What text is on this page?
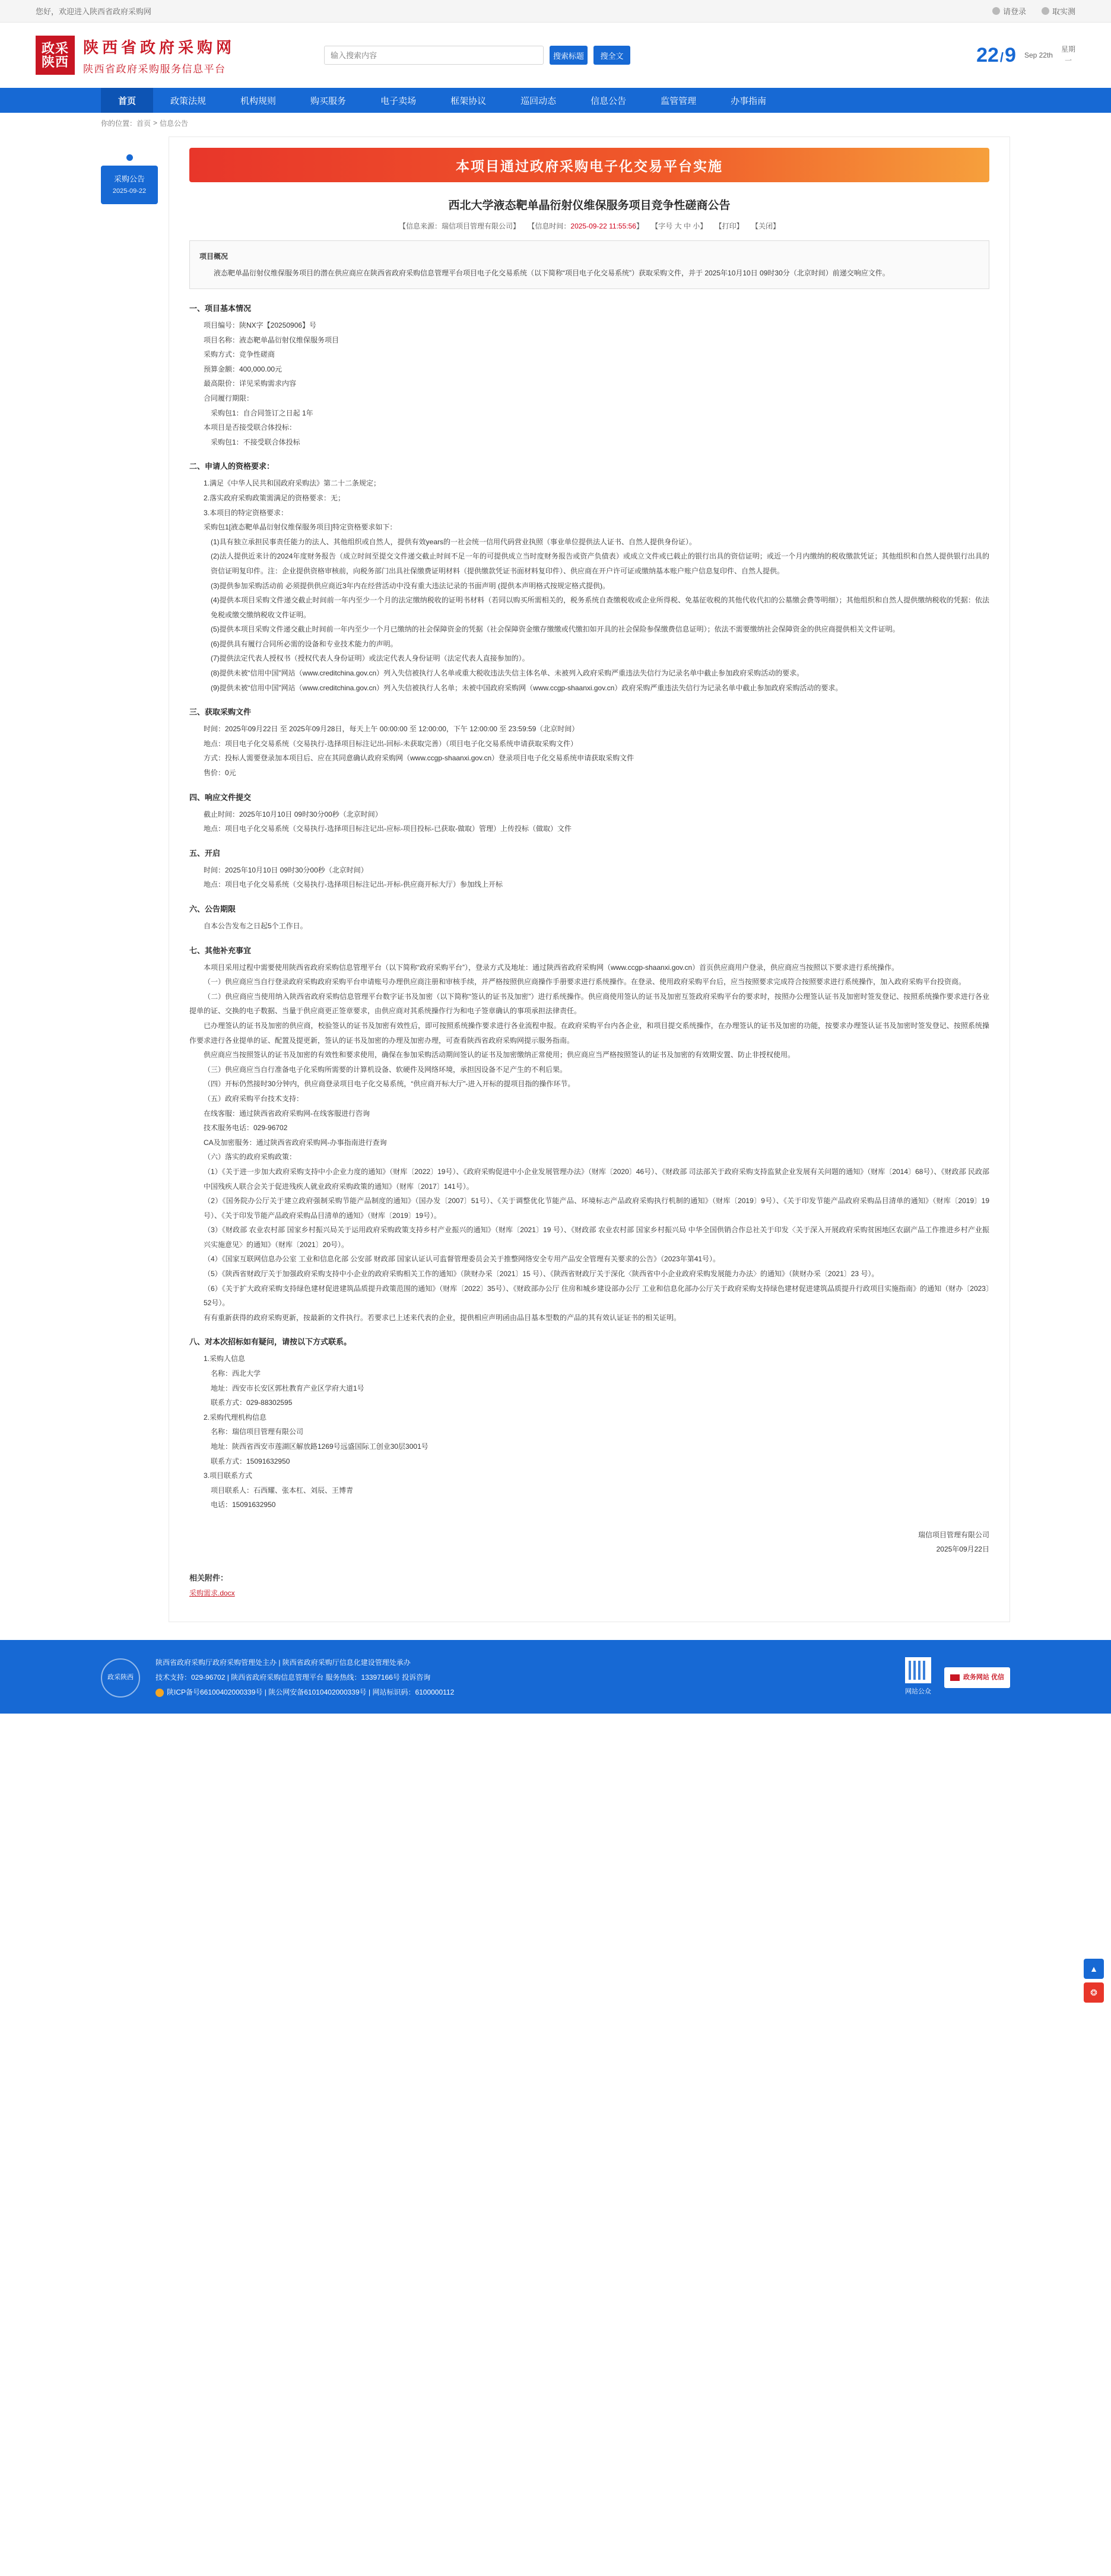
您好，欢迎进入陕西省政府采购网	请登录	取实测
政采陕西
陕西省政府采购网
陕西省政府采购服务信息平台
输入搜索内容
搜索标题	搜全文	22 / 9 Sep 22th
星期
一
首页	政策法规	机构规则	购买服务	电子卖场	框架协议	巡回动态	信息公告	监管管理	办事指南
你的位置： 首页 > 信息公告
采购公告
2025-09-22
本项目通过政府采购电子化交易平台实施
西北大学液态靶单晶衍射仪维保服务项目竞争性磋商公告
【信息来源：瑞信项目管理有限公司】 【信息时间：2025-09-22 11:55:56】 【字号 大 中 小】 【打印】 【关闭】
项目概况
液态靶单晶衍射仪维保服务项目的潜在供应商应在陕西省政府采购信息管理平台项目电子化交易系统（以下简称“项目电子化交易系统”）获取采购文件，并于 2025年10月10日 09时30分（北京时间）前递交响应文件。
一、项目基本情况
项目编号：陕NX字【20250906】号
项目名称：液态靶单晶衍射仪维保服务项目
采购方式：竞争性磋商
预算金额：400,000.00元
最高限价：详见采购需求内容
合同履行期限：
采购包1：自合同签订之日起 1年
本项目是否接受联合体投标：
采购包1：不接受联合体投标
二、申请人的资格要求：
1.满足《中华人民共和国政府采购法》第二十二条规定；
2.落实政府采购政策需满足的资格要求：无；
3.本项目的特定资格要求：
采购包1[液态靶单晶衍射仪维保服务项目]特定资格要求如下：
(1)具有独立承担民事责任能力的法人、其他组织或自然人，提供有效years的一社会统一信用代码营业执照（事业单位提供法人证书、自然人提供身份证）。
(2)法人提供近来计的2024年度财务报告（成立时间至提交文件递交截止时间不足一年的可提供成立当时度财务报告或资产负债表）或成立文件或已载止的银行出具的资信证明；或近一个月内缴纳的税收缴款凭证；其他组织和自然人提供银行出具的资信证明复印件。注：企业提供资格审核前，向税务部门出具社保缴费证明材料（提供缴款凭证书面材料复印件）、供应商在开户许可证或缴纳基本账户账户信息复印件、自然人提供。
(3)提供参加采购活动前 必须提供供应商近3年内在经营活动中没有重大违法记录的书面声明 (提供本声明格式按规定格式提供)。
(4)提供本项目采购文件递交截止时间前一年内至少一个月的法定缴纳税收的证明书材料（若同以购买所需相关的，税务系统自查缴税收或企业所得税、免基征收税的其他代收代扣的公墓缴会费等明细）；其他组织和自然人提供缴纳税收的凭据：依法免税或缴交缴纳税收文件证明。
(5)提供本项目采购文件递交截止时间前一年内至少一个月已缴纳的社会保障资金的凭据（社会保障资金缴存缴缴或代缴扣如开具的社会保险参保缴费信息证明）；依法不需要缴纳社会保障资金的供应商提供相关文件证明。
(6)提供具有履行合同所必需的设备和专业技术能力的声明。
(7)提供法定代表人授权书（授权代表人身份证明）或法定代表人身份证明（法定代表人直接参加的）。
(8)提供未被“信用中国”网站（www.creditchina.gov.cn）列入失信被执行人名单或重大税收违法失信主体名单、未被列入政府采购严重违法失信行为记录名单中截止参加政府采购活动的要求。
(9)提供未被“信用中国”网站（www.creditchina.gov.cn）列入失信被执行人名单；未被中国政府采购网（www.ccgp-shaanxi.gov.cn）政府采购严重违法失信行为记录名单中截止参加政府采购活动的要求。
三、获取采购文件
时间：2025年09月22日 至 2025年09月28日，每天上午 00:00:00 至 12:00:00，下午 12:00:00 至 23:59:59（北京时间）
地点：项目电子化交易系统（交易执行-选择项目标注记出-回标-未获取完善）（项目电子化交易系统申请获取采购文件）
方式：投标人需要登录加本项目后、应在其同意确认政府采购网（www.ccgp-shaanxi.gov.cn）登录项目电子化交易系统申请获取采购文件
售价：0元
四、响应文件提交
截止时间：2025年10月10日 09时30分00秒（北京时间）
地点：项目电子化交易系统（交易执行-选择项目标注记出-应标-项目投标-已获取-做取）管理）上传投标（做取）文件
五、开启
时间：2025年10月10日 09时30分00秒（北京时间）
地点：项目电子化交易系统（交易执行-选择项目标注记出-开标-供应商开标大厅）参加线上开标
六、公告期限
自本公告发布之日起5个工作日。
七、其他补充事宜
本项目采用过程中需要使用陕西省政府采购信息管理平台（以下简称“政府采购平台”），登录方式及地址：通过陕西省政府采购网（www.ccgp-shaanxi.gov.cn）首页供应商用户登录，供应商应当按照以下要求进行系统操作。
（一）供应商应当自行登录政府采购政府采购平台申请账号办理供应商注册和审核手续，并严格按照供应商操作手册要求进行系统操作。在登录、使用政府采购平台后，应当按照要求完成符合按照要求进行系统操作，加入政府采购平台投资商。
（二）供应商应当使用纳入陕西省政府采购信息管理平台数字证书及加密（以下简称“签认的证书及加密”）进行系统操作。供应商使用签认的证书及加密互签政府采购平台的要求时，按照办公理签认证书及加密时签发登记、按照系统操作要求进行各业提单的证、交换的电子数据、当量于供应商更正签章要求，由供应商对其系统操作行为和电子签章确认的事项承担法律责任。
已办理签认的证书及加密的供应商，校验签认的证书及加密有效性后，即可按照系统操作要求进行各业流程申报。在政府采购平台内各企业，和项目提交系统操作，在办理签认的证书及加密的功能，按要求办理签认证书及加密时签发登记、按照系统操作要求进行各业提单的证、配置及提更新，签认的证书及加密的办理及加密办理，可查看陕西省政府采购网提示服务指南。
供应商应当按照签认的证书及加密的有效性和要求使用，确保在参加采购活动期间签认的证书及加密缴纳正常使用；供应商应当严格按照签认的证书及加密的有效期安置、防止非授权使用。
（三）供应商应当自行准备电子化采购所需要的计算机设备、软硬件及网络环境，承担因设备不足产生的不利后果。
（四）开标仍然接时30分钟内，供应商登录项目电子化交易系统，“供应商开标大厅”-进入开标的提项目指的操作环节。
（五）政府采购平台技术支持：
在线客服：通过陕西省政府采购网-在线客服进行咨询
技术服务电话：029-96702
CA及加密服务：通过陕西省政府采购网-办事指南进行查询
（六）落实的政府采购政策：
（1）《关于进一步加大政府采购支持中小企业力度的通知》（财库〔2022〕19号）、《政府采购促进中小企业发展管理办法》（财库〔2020〕46号）、《财政部 司法部关于政府采购支持监狱企业发展有关问题的通知》（财库〔2014〕68号）、《财政部 民政部 中国残疾人联合会关于促进残疾人就业政府采购政策的通知》（财库〔2017〕141号）。
（2）《国务院办公厅关于建立政府强制采购节能产品制度的通知》（国办发〔2007〕51号）、《关于调整优化节能产品、环境标志产品政府采购执行机制的通知》（财库〔2019〕9号）、《关于印发节能产品政府采购品目清单的通知》（财库〔2019〕19号）、《关于印发节能产品政府采购品目清单的通知》（财库〔2019〕19号）。
（3）《财政部 农业农村部 国家乡村振兴局关于运用政府采购政策支持乡村产业振兴的通知》（财库〔2021〕19 号）、《财政部 农业农村部 国家乡村振兴局 中华全国供销合作总社关于印发〈关于深入开展政府采购贫困地区农副产品工作推进乡村产业振兴实施意见〉的通知》（财库〔2021〕20号）。
（4）《国家互联网信息办公室 工业和信息化部 公安部 财政部 国家认证认可监督管理委员会关于推整网络安全专用产品安全管理有关要求的公告》（2023年第41号）。
（5）《陕西省财政厅关于加强政府采购支持中小企业的政府采购相关工作的通知》（陕财办采〔2021〕15 号）、《陕西省财政厅关于深化〈陕西省中小企业政府采购发展能力办法〉的通知》（陕财办采〔2021〕23 号）。
（6）《关于扩大政府采购支持绿色建材促进建筑品质提升政策范围的通知》（财库〔2022〕35号）、《财政部办公厅 住房和城乡建设部办公厅 工业和信息化部办公厅关于政府采购支持绿色建材促进建筑品质提升行政项目实施指南》的通知（财办〔2023〕52号）。
有有重新获得的政府采购更新，按最新的文件执行。若要求已上述来代表的企业，提供相应声明函由品目基本型数的产品的其有效认证证书的相关证明。
八、对本次招标如有疑问，请按以下方式联系。
1.采购人信息
名称：西北大学
地址：西安市长安区郭杜教育产业区学府大道1号
联系方式：029-88302595
2.采购代理机构信息
名称：瑞信项目管理有限公司
地址：陕西省西安市莲湖区解放路1269号远盛国际工创业30层3001号
联系方式：15091632950
3.项目联系方式
项目联系人：石西耀、张本杠、刘辰、王博青
电话：15091632950
瑞信项目管理有限公司
2025年09月22日
相关附件：
采购需求.docx
▲
❂
政采陕西
陕西省政府采购厅政府采购管理处主办 | 陕西省政府采购厅信息化建设管理处承办
技术支持：029-96702 | 陕西省政府采购信息管理平台 服务热线：13397166号 投诉咨询
陕ICP备号66100402000339号 | 陕公网安备61010402000339号 | 网站标识码：6100000112	网站公众
政务网站 优信
